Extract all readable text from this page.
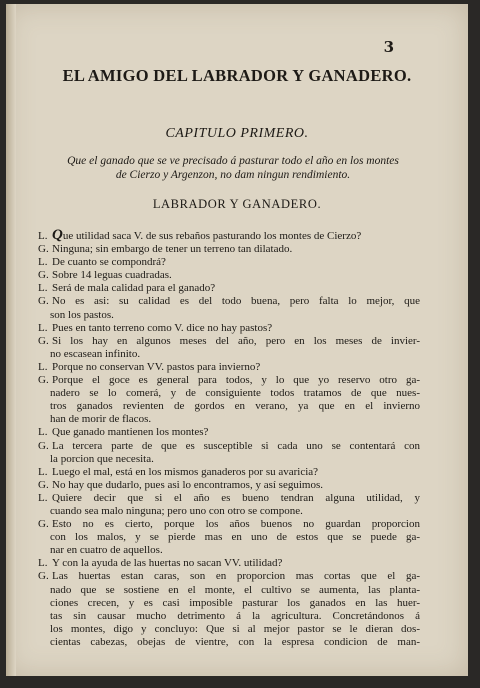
3
EL AMIGO DEL LABRADOR Y GANADERO.
CAPITULO PRIMERO.
Que el ganado que se ve precisado á pasturar todo el año en los montes
de Cierzo y Argenzon, no dam ningun rendimiento.
LABRADOR Y GANADERO.
L. Que utilidad saca V. de sus rebaños pasturando los montes de Cierzo?
G. Ninguna; sin embargo de tener un terreno tan dilatado.
L. De cuanto se compondrá?
G. Sobre 14 leguas cuadradas.
L. Será de mala calidad para el ganado?
G. No es asi: su calidad es del todo buena, pero falta lo mejor, que
son los pastos.
L. Pues en tanto terreno como V. dice no hay pastos?
G. Si los hay en algunos meses del año, pero en los meses de invier-
no escasean infinito.
L. Porque no conservan VV. pastos para invierno?
G. Porque el goce es general para todos, y lo que yo reservo otro ga-
nadero se lo comerá, y de consiguiente todos tratamos de que nues-
tros ganados revienten de gordos en verano, ya que en el invierno
han de morir de flacos.
L. Que ganado mantienen los montes?
G. La tercera parte de que es susceptible si cada uno se contentará con
la porcion que necesita.
L. Luego el mal, está en los mismos ganaderos por su avaricia?
G. No hay que dudarlo, pues asi lo encontramos, y así seguimos.
L. Quiere decir que si el año es bueno tendran alguna utilidad, y
cuando sea malo ninguna; pero uno con otro se compone.
G. Esto no es cierto, porque los años buenos no guardan proporcion
con los malos, y se pierde mas en uno de estos que se puede ga-
nar en cuatro de aquellos.
L. Y con la ayuda de las huertas no sacan VV. utilidad?
G. Las huertas estan caras, son en proporcion mas cortas que el ga-
nado que se sostiene en el monte, el cultivo se aumenta, las planta-
ciones crecen, y es casi imposible pasturar los ganados en las huer-
tas sin causar mucho detrimento á la agricultura. Concretándonos á
los montes, digo y concluyo: Que si al mejor pastor se le dieran dos-
cientas cabezas, obejas de vientre, con la espresa condicion de man-
